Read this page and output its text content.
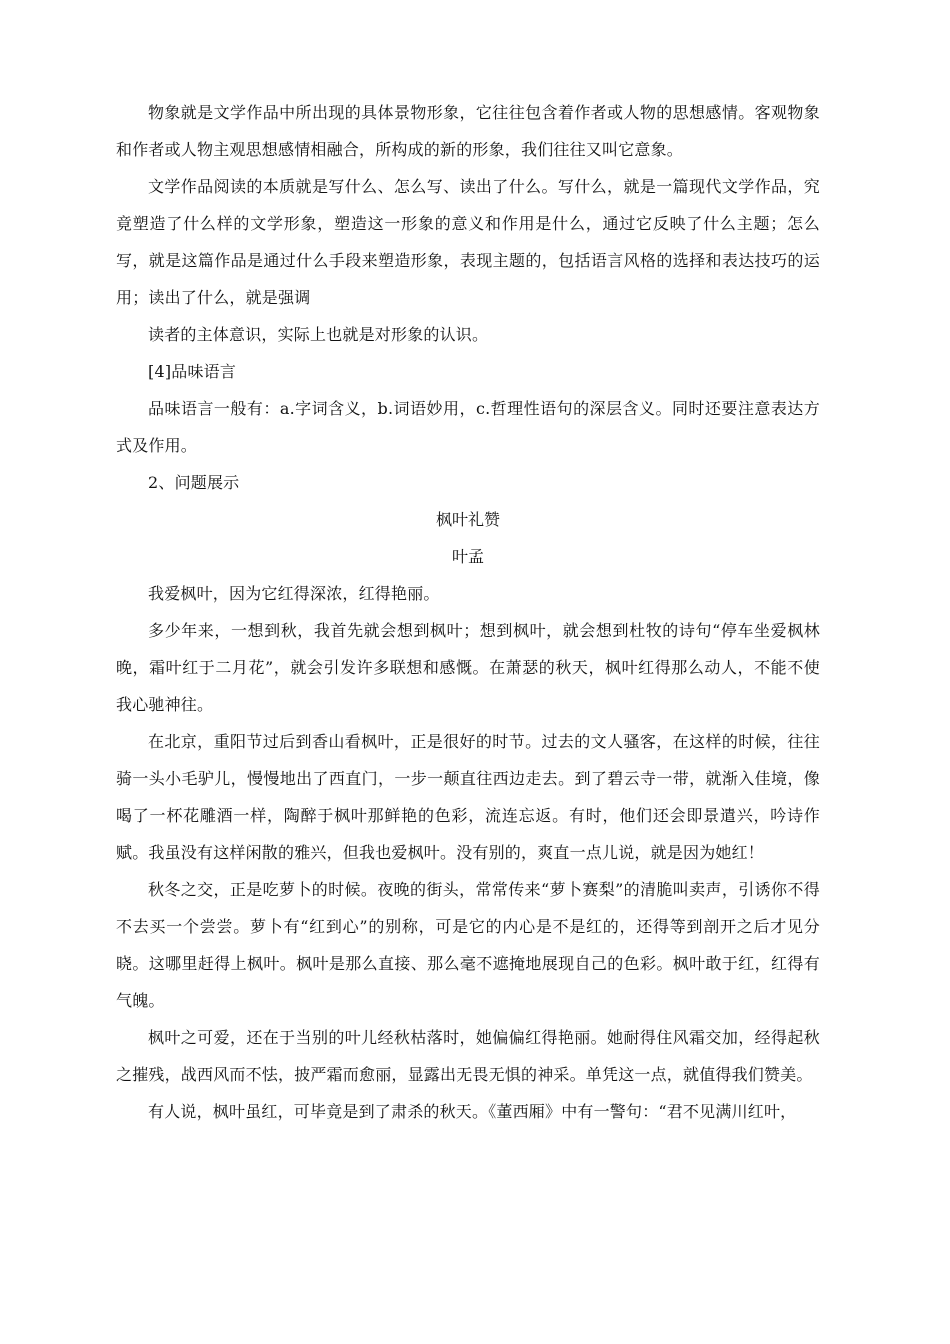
物象就是文学作品中所出现的具体景物形象，它往往包含着作者或人物的思想感情。客观物象和作者或人物主观思想感情相融合，所构成的新的形象，我们往往又叫它意象。

文学作品阅读的本质就是写什么、怎么写、读出了什么。写什么，就是一篇现代文学作品，究竟塑造了什么样的文学形象，塑造这一形象的意义和作用是什么，通过它反映了什么主题；怎么写，就是这篇作品是通过什么手段来塑造形象，表现主题的，包括语言风格的选择和表达技巧的运用；读出了什么，就是强调

读者的主体意识，实际上也就是对形象的认识。

[4]品味语言

品味语言一般有：a.字词含义，b.词语妙用，c.哲理性语句的深层含义。同时还要注意表达方式及作用。

2、问题展示

枫叶礼赞

叶孟

我爱枫叶，因为它红得深浓，红得艳丽。

多少年来，一想到秋，我首先就会想到枫叶；想到枫叶，就会想到杜牧的诗句“停车坐爱枫林晚，霜叶红于二月花”，就会引发许多联想和感慨。在萧瑟的秋天，枫叶红得那么动人，不能不使我心驰神往。

在北京，重阳节过后到香山看枫叶，正是很好的时节。过去的文人骚客，在这样的时候，往往骑一头小毛驴儿，慢慢地出了西直门，一步一颠直往西边走去。到了碧云寺一带，就渐入佳境，像喝了一杯花雕酒一样，陶醉于枫叶那鲜艳的色彩，流连忘返。有时，他们还会即景遣兴，吟诗作赋。我虽没有这样闲散的雅兴，但我也爱枫叶。没有别的，爽直一点儿说，就是因为她红！

秋冬之交，正是吃萝卜的时候。夜晚的街头，常常传来“萝卜赛梨”的清脆叫卖声，引诱你不得不去买一个尝尝。萝卜有“红到心”的别称，可是它的内心是不是红的，还得等到剖开之后才见分晓。这哪里赶得上枫叶。枫叶是那么直接、那么毫不遮掩地展现自己的色彩。枫叶敢于红，红得有气魄。

枫叶之可爱，还在于当别的叶儿经秋枯落时，她偏偏红得艳丽。她耐得住风霜交加，经得起秋之摧残，战西风而不怯，披严霜而愈丽，显露出无畏无惧的神采。单凭这一点，就值得我们赞美。

有人说，枫叶虽红，可毕竟是到了肃杀的秋天。《董西厢》中有一警句：“君不见满川红叶，
